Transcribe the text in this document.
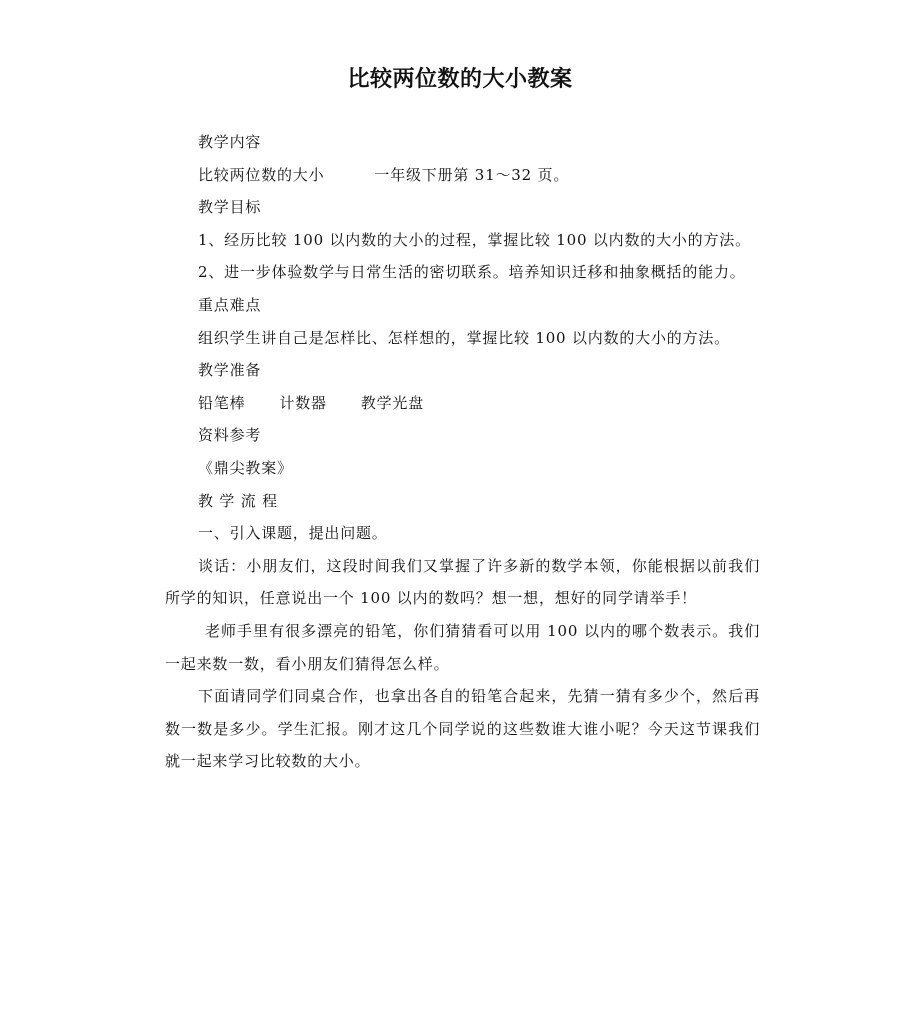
比较两位数的大小教案

教学内容

比较两位数的大小	一年级下册第 31～32 页。

教学目标

1、经历比较 100 以内数的大小的过程，掌握比较 100 以内数的大小的方法。

2、进一步体验数学与日常生活的密切联系。培养知识迁移和抽象概括的能力。

重点难点

组织学生讲自己是怎样比、怎样想的，掌握比较 100 以内数的大小的方法。

教学准备

铅笔棒 计数器 教学光盘

资料参考

《鼎尖教案》

教 学 流 程

一、引入课题，提出问题。

谈话：小朋友们，这段时间我们又掌握了许多新的数学本领，你能根据以前我们所学的知识，任意说出一个 100 以内的数吗？想一想，想好的同学请举手！

老师手里有很多漂亮的铅笔，你们猜猜看可以用 100 以内的哪个数表示。我们一起来数一数，看小朋友们猜得怎么样。

下面请同学们同桌合作，也拿出各自的铅笔合起来，先猜一猜有多少个，然后再数一数是多少。学生汇报。刚才这几个同学说的这些数谁大谁小呢？今天这节课我们就一起来学习比较数的大小。
